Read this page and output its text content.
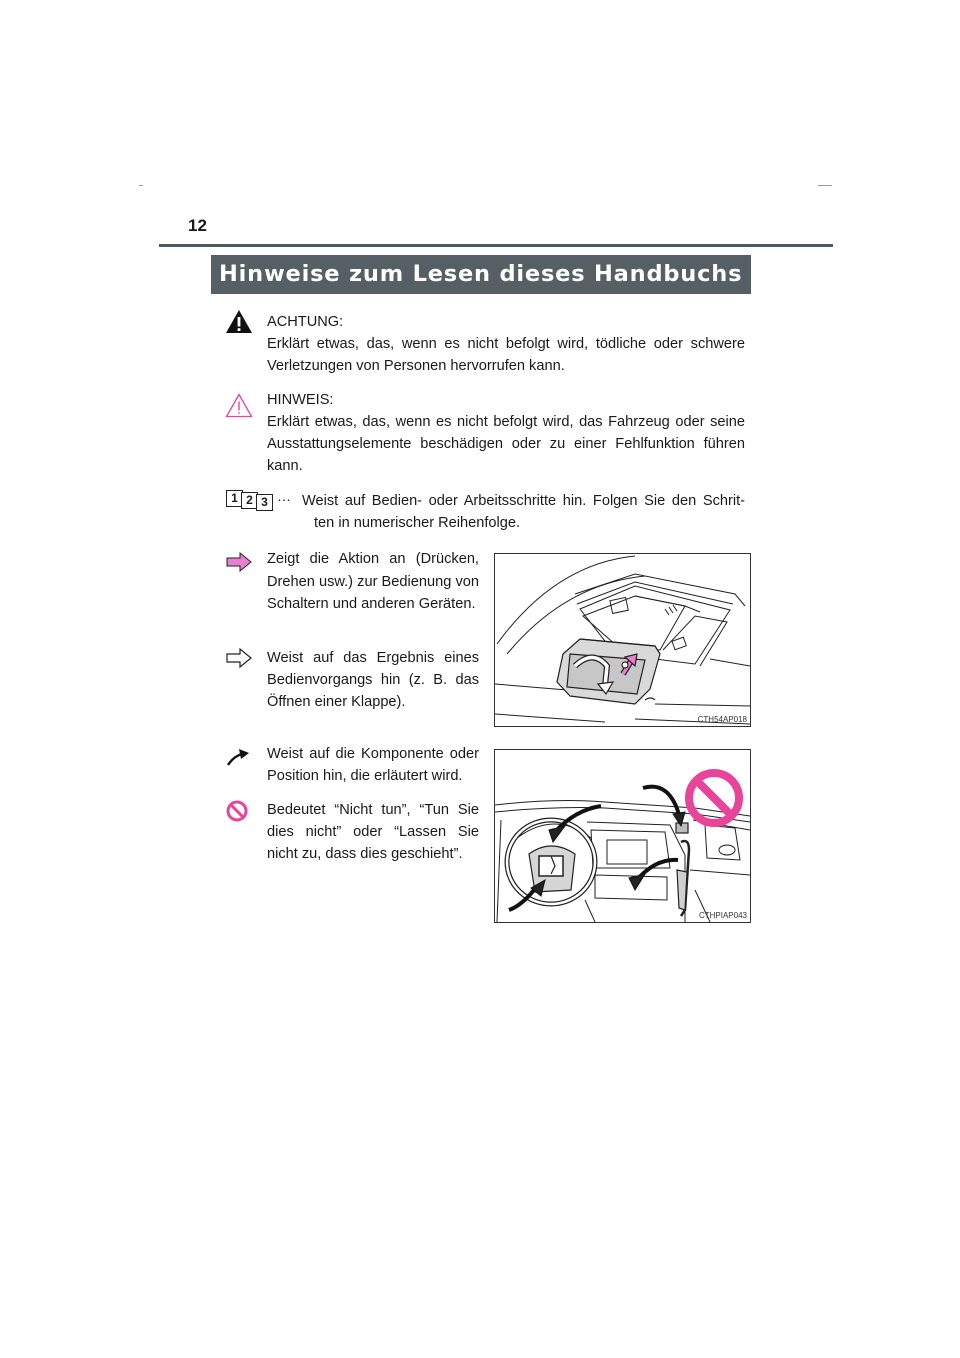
12
Hinweise zum Lesen dieses Handbuchs

ACHTUNG:

Erklärt etwas, das, wenn es nicht befolgt wird, tödliche oder schwere Verletzungen von Personen hervorrufen kann.

HINWEIS:

Erklärt etwas, das, wenn es nicht befolgt wird, das Fahrzeug oder seine Ausstattungselemente beschädigen oder zu einer Fehlfunktion führen kann.

1 2 3 … Weist auf Bedien- oder Arbeitsschritte hin. Folgen Sie den Schrit-

ten in numerischer Reihenfolge.

Zeigt die Aktion an (Drücken, Drehen usw.) zur Bedienung von Schaltern und anderen Geräten.

Weist auf das Ergebnis eines Bedienvorgangs hin (z. B. das Öffnen einer Klappe).

Weist auf die Komponente oder Position hin, die erläutert wird.

Bedeutet “Nicht tun”, “Tun Sie dies nicht” oder “Lassen Sie nicht zu, dass dies geschieht”.

CTH54AP018
CTHPIAP043
